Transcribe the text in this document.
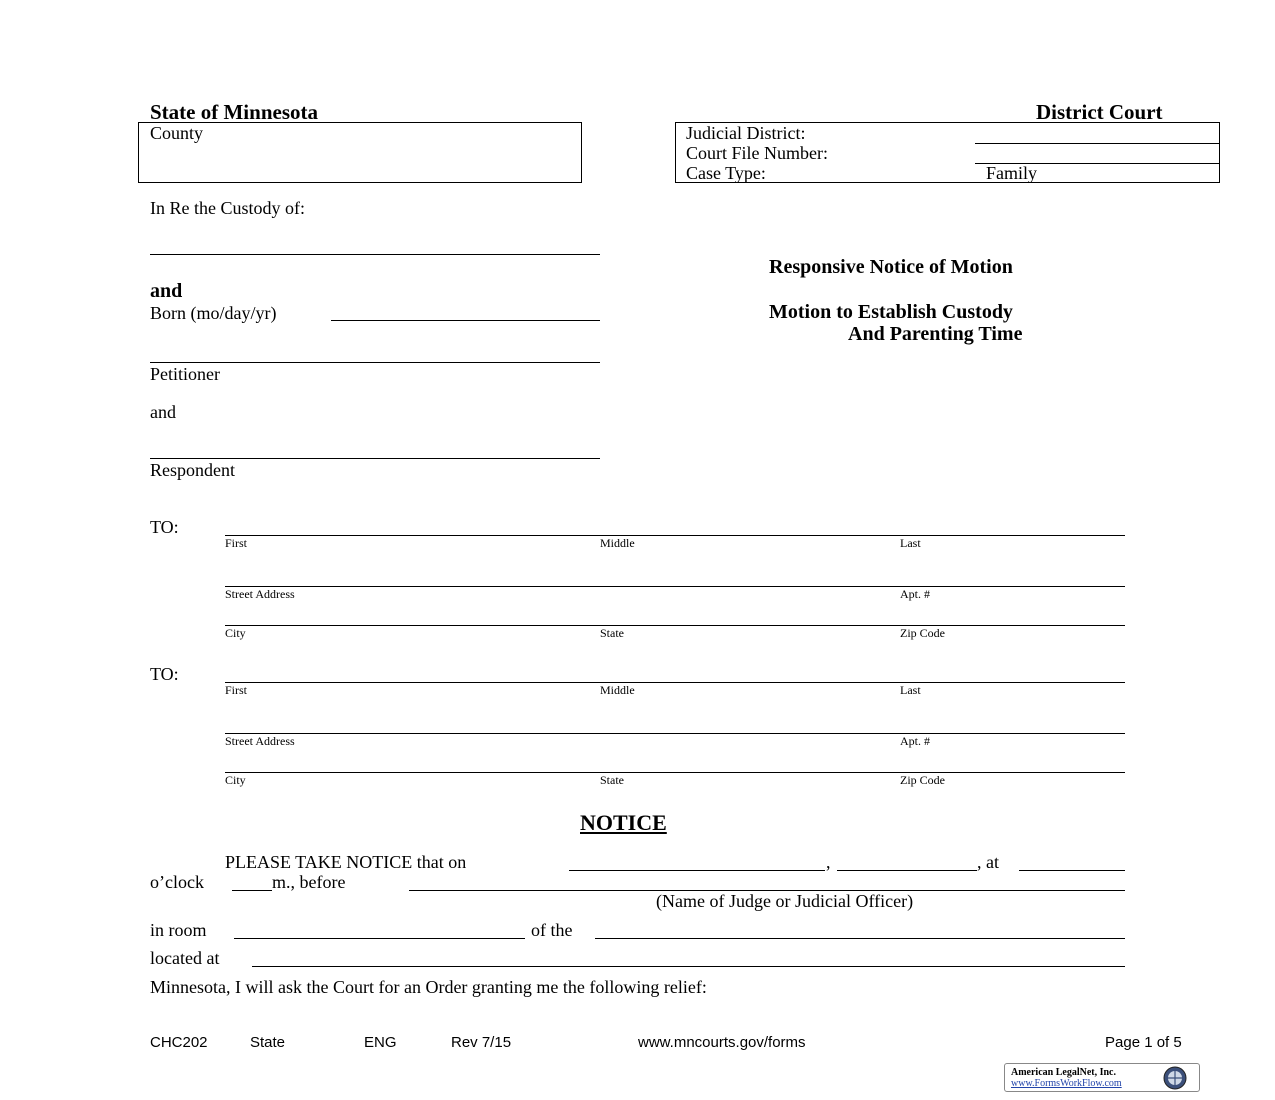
State of Minnesota	District Court
County	Judicial District:
Court File Number:
Case Type:	Family
In Re the Custody of:
and
Born (mo/day/yr)
Petitioner
and
Respondent
Responsive Notice of Motion
Motion to Establish Custody
And Parenting Time
TO:
First	Middle	Last
Street Address	Apt. #
City	State	Zip Code
TO:
First	Middle	Last
Street Address	Apt. #
City	State	Zip Code
NOTICE
PLEASE TAKE NOTICE that on	,	, at
o’clock	m., before
(Name of Judge or Judicial Officer)
in room	of the
located at
Minnesota, I will ask the Court for an Order granting me the following relief:
CHC202	State	ENG	Rev 7/15	www.mncourts.gov/forms	Page 1 of 5
American LegalNet, Inc.
www.FormsWorkFlow.com
